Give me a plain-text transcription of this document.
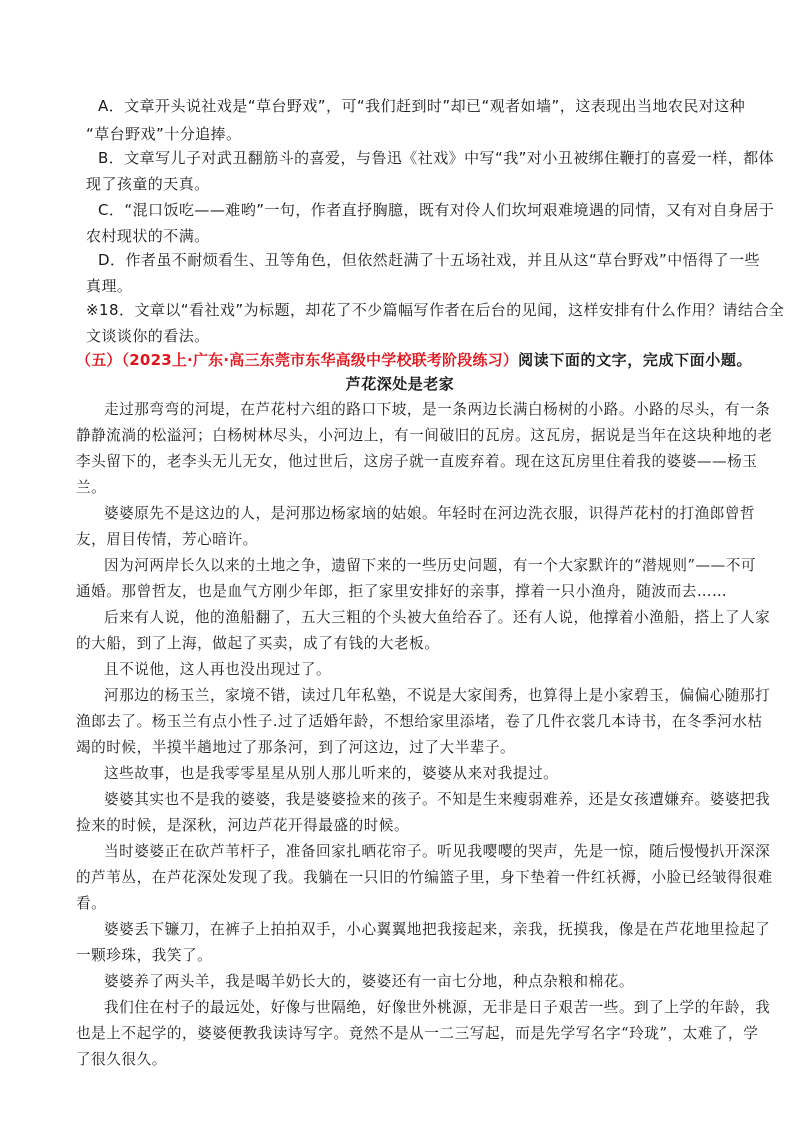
A．文章开头说社戏是“草台野戏”，可“我们赶到时”却已“观者如墙”，这表现出当地农民对这种
“草台野戏”十分追捧。
B．文章写儿子对武丑翻筋斗的喜爱，与鲁迅《社戏》中写“我”对小丑被绑住鞭打的喜爱一样，都体
现了孩童的天真。
C．“混口饭吃——难哟”一句，作者直抒胸臆，既有对伶人们坎坷艰难境遇的同情，又有对自身居于
农村现状的不满。
D．作者虽不耐烦看生、丑等角色，但依然赶满了十五场社戏，并且从这“草台野戏”中悟得了一些
真理。
※18．文章以“看社戏”为标题，却花了不少篇幅写作者在后台的见闻，这样安排有什么作用？请结合全
文谈谈你的看法。
（五）（2023上·广东·高三东莞市东华高级中学校联考阶段练习）阅读下面的文字，完成下面小题。
芦花深处是老家
走过那弯弯的河堤，在芦花村六组的路口下坡，是一条两边长满白杨树的小路。小路的尽头，有一条
静静流淌的松溢河；白杨树林尽头，小河边上，有一间破旧的瓦房。这瓦房，据说是当年在这块种地的老
李头留下的，老李头无儿无女，他过世后，这房子就一直废弃着。现在这瓦房里住着我的婆婆——杨玉
兰。
婆婆原先不是这边的人，是河那边杨家垴的姑娘。年轻时在河边洗衣服，识得芦花村的打渔郎曾哲
友，眉目传情，芳心暗许。
因为河两岸长久以来的土地之争，遗留下来的一些历史问题，有一个大家默许的“潜规则”——不可
通婚。那曾哲友，也是血气方刚少年郎，拒了家里安排好的亲事，撑着一只小渔舟，随波而去……
后来有人说，他的渔船翻了，五大三粗的个头被大鱼给吞了。还有人说，他撑着小渔船，搭上了人家
的大船，到了上海，做起了买卖，成了有钱的大老板。
且不说他，这人再也没出现过了。
河那边的杨玉兰，家境不错，读过几年私塾，不说是大家闺秀，也算得上是小家碧玉，偏偏心随那打
渔郎去了。杨玉兰有点小性子.过了适婚年龄，不想给家里添堵，卷了几件衣裳几本诗书，在冬季河水枯
竭的时候，半摸半趟地过了那条河，到了河这边，过了大半辈子。
这些故事，也是我零零星星从别人那儿听来的，婆婆从来对我提过。
婆婆其实也不是我的婆婆，我是婆婆捡来的孩子。不知是生来瘦弱难养，还是女孩遭嫌弃。婆婆把我
捡来的时候，是深秋，河边芦花开得最盛的时候。
当时婆婆正在砍芦苇杆子，准备回家扎晒花帘子。听见我嘤嘤的哭声，先是一惊，随后慢慢扒开深深
的芦苇丛，在芦花深处发现了我。我躺在一只旧的竹编篮子里，身下垫着一件红袄褥，小脸已经皱得很难
看。
婆婆丢下镰刀，在裤子上拍拍双手，小心翼翼地把我接起来，亲我，抚摸我，像是在芦花地里捡起了
一颗珍珠，我笑了。
婆婆养了两头羊，我是喝羊奶长大的，婆婆还有一亩七分地，种点杂粮和棉花。
我们住在村子的最远处，好像与世隔绝，好像世外桃源，无非是日子艰苦一些。到了上学的年龄，我
也是上不起学的，婆婆便教我读诗写字。竟然不是从一二三写起，而是先学写名字“玲珑”，太难了，学
了很久很久。
